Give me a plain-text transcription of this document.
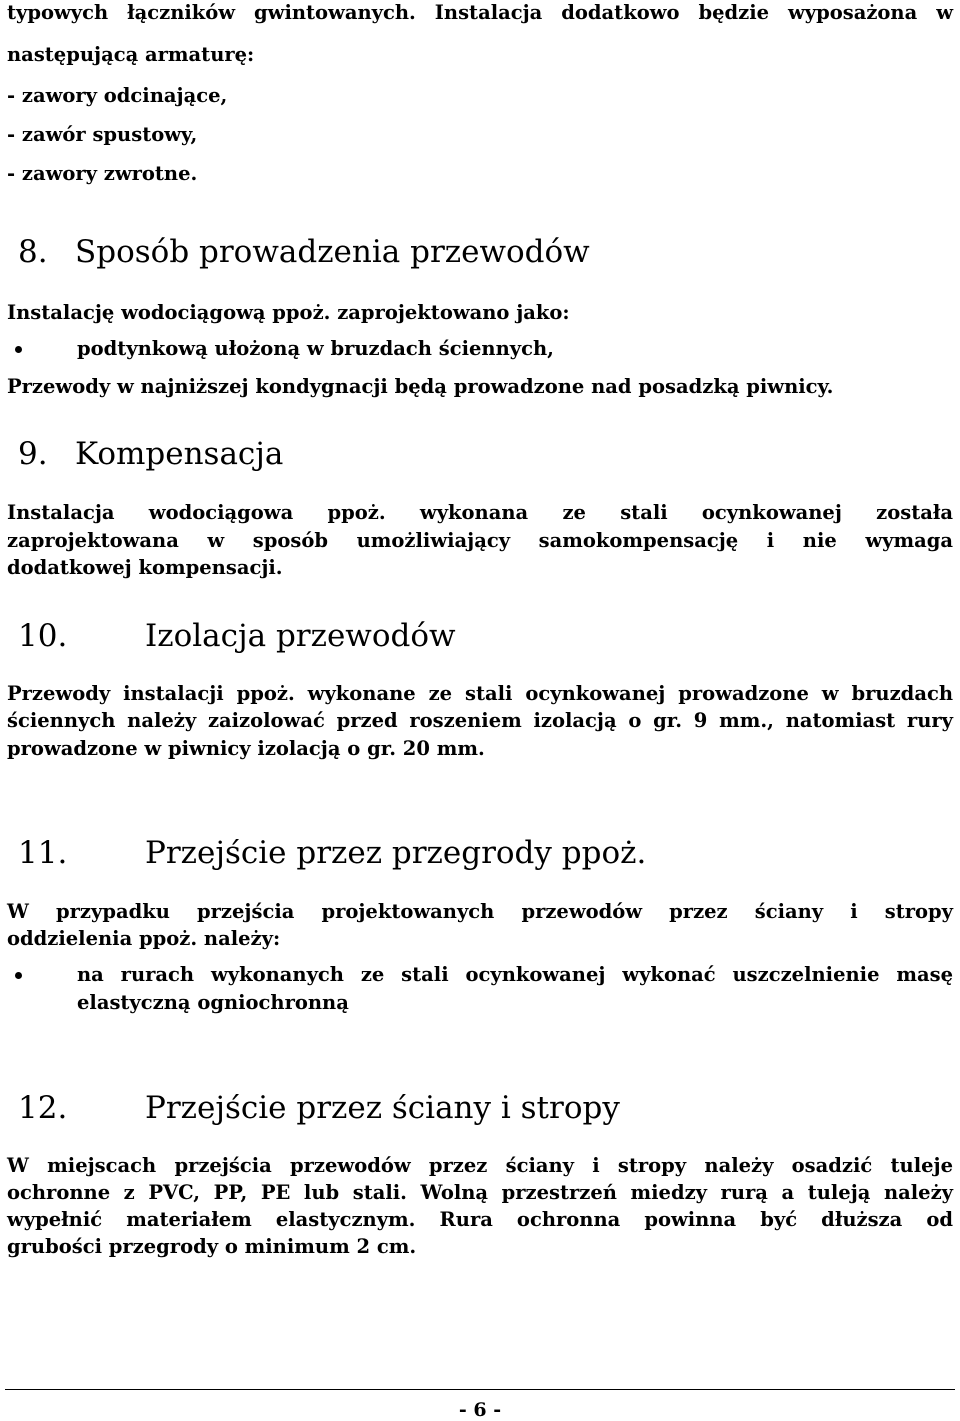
typowych łączników gwintowanych. Instalacja dodatkowo będzie wyposażona w
następującą armaturę:
- zawory odcinające,
- zawór spustowy,
- zawory zwrotne.
8. Sposób prowadzenia przewodów
Instalację wodociągową ppoż. zaprojektowano jako:
podtynkową ułożoną w bruzdach ściennych,
Przewody w najniższej kondygnacji będą prowadzone nad posadzką piwnicy.
9. Kompensacja
Instalacja wodociągowa ppoż. wykonana ze stali ocynkowanej została
zaprojektowana w sposób umożliwiający samokompensację i nie wymaga
dodatkowej kompensacji.
10.	Izolacja przewodów
Przewody instalacji ppoż. wykonane ze stali ocynkowanej prowadzone w bruzdach
ściennych należy zaizolować przed roszeniem izolacją o gr. 9 mm., natomiast rury
prowadzone w piwnicy izolacją o gr. 20 mm.
11.	Przejście przez przegrody ppoż.
W przypadku przejścia projektowanych przewodów przez ściany i stropy
oddzielenia ppoż. należy:
na rurach wykonanych ze stali ocynkowanej wykonać uszczelnienie masę
elastyczną ogniochronną
12.	Przejście przez ściany i stropy
W miejscach przejścia przewodów przez ściany i stropy należy osadzić tuleje
ochronne z PVC, PP, PE lub stali. Wolną przestrzeń miedzy rurą a tuleją należy
wypełnić materiałem elastycznym. Rura ochronna powinna być dłuższa od
grubości przegrody o minimum 2 cm.
- 6 -
